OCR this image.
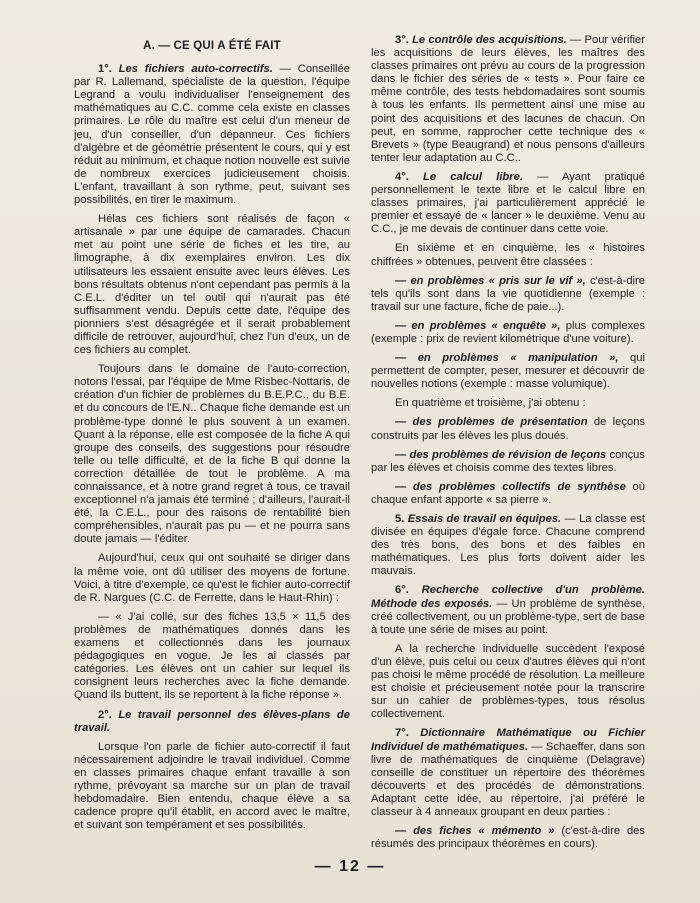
A. — CE QUI A ÉTÉ FAIT

1°. Les fichiers auto-correctifs. — Conseillée par R. Lallemand, spécialiste de la question, l'équipe Legrand a voulu individualiser l'enseignement des mathématiques au C.C. comme cela existe en classes primaires. Le rôle du maître est celui d'un meneur de jeu, d'un conseiller, d'un dépanneur. Ces fichiers d'algèbre et de géométrie présentent le cours, qui y est réduit au minimum, et chaque notion nouvelle est suivie de nombreux exercices judicieusement choisis. L'enfant, travaillant à son rythme, peut, suivant ses possibilités, en tirer le maximum.

Hélas ces fichiers sont réalisés de façon « artisanale » par une équipe de camarades. Chacun met au point une série de fiches et les tire, au limographe, à dix exemplaires environ. Les dix utilisateurs les essaient ensuite avec leurs élèves. Les bons résultats obtenus n'ont cependant pas permis à la C.E.L. d'éditer un tel outil qui n'aurait pas été suffisamment vendu. Depuis cette date, l'équipe des pionniers s'est désagrégée et il serait probablement difficile de retrouver, aujourd'hui, chez l'un d'eux, un de ces fichiers au complet.

Toujours dans le domaine de l'auto-correction, notons l'essai, par l'équipe de Mme Risbec-Nottaris, de création d'un fichier de problèmes du B.E.P.C., du B.E. et du concours de l'E.N.. Chaque fiche demande est un problème-type donné le plus souvent à un examen. Quant à la réponse, elle est composée de la fiche A qui groupe des conseils, des suggestions pour résoudre telle ou telle difficulté, et de la fiche B qui donne la correction détaillée de tout le problème. A ma connaissance, et à notre grand regret à tous, ce travail exceptionnel n'a jamais été terminé ; d'ailleurs, l'aurait-il été, la C.E.L., pour des raisons de rentabilité bien compréhensibles, n'aurait pas pu — et ne pourra sans doute jamais — l'éditer.

Aujourd'hui, ceux qui ont souhaité se diriger dans la même voie, ont dû utiliser des moyens de fortune. Voici, à titre d'exemple, ce qu'est le fichier auto-correctif de R. Nargues (C.C. de Ferrette, dans le Haut-Rhin) :

— « J'ai collé, sur des fiches 13,5 × 11,5 des problèmes de mathématiques donnés dans les examens et collectionnés dans les journaux pédagogiques en vogue. Je les ai classés par catégories. Les élèves ont un cahier sur lequel ils consignent leurs recherches avec la fiche demande. Quand ils buttent, ils se reportent à la fiche réponse ».

2°. Le travail personnel des élèves-plans de travail.

Lorsque l'on parle de fichier auto-correctif il faut nécessairement adjoindre le travail individuel. Comme en classes primaires chaque enfant travaille à son rythme, prévoyant sa marche sur un plan de travail hebdomadaire. Bien entendu, chaque élève a sa cadence propre qu'il établit, en accord avec le maître, et suivant son tempérament et ses possibilités.

3°. Le contrôle des acquisitions. — Pour vérifier les acquisitions de leurs élèves, les maîtres des classes primaires ont prévu au cours de la progression dans le fichier des séries de « tests ». Pour faire ce même contrôle, des tests hebdomadaires sont soumis à tous les enfants. Ils permettent ainsi une mise au point des acquisitions et des lacunes de chacun. On peut, en somme, rapprocher cette technique des « Brevets » (type Beaugrand) et nous pensons d'ailleurs tenter leur adaptation au C.C..

4°. Le calcul libre. — Ayant pratiqué personnellement le texte libre et le calcul libre en classes primaires, j'ai particulièrement apprécié le premier et essayé de « lancer » le deuxième. Venu au C.C., je me devais de continuer dans cette voie.

En sixième et en cinquième, les « histoires chiffrées » obtenues, peuvent être classées :

— en problèmes « pris sur le vif », c'est-à-dire tels qu'ils sont dans la vie quotidienne (exemple : travail sur une facture, fiche de paie...).

— en problèmes « enquête », plus complexes (exemple : prix de revient kilométrique d'une voiture).

— en problèmes « manipulation », qui permettent de compter, peser, mesurer et découvrir de nouvelles notions (exemple : masse volumique).

En quatrième et troisième, j'ai obtenu :

— des problèmes de présentation de leçons construits par les élèves les plus doués.

— des problèmes de révision de leçons conçus par les élèves et choisis comme des textes libres.

— des problèmes collectifs de synthèse où chaque enfant apporte « sa pierre ».

5. Essais de travail en équipes. — La classe est divisée en équipes d'égale force. Chacune comprend des très bons, des bons et des faibles en mathématiques. Les plus forts doivent aider les mauvais.

6°. Recherche collective d'un problème. Méthode des exposés. — Un problème de synthèse, créé collectivement, ou un problème-type, sert de base à toute une série de mises au point.

A la recherche individuelle succèdent l'exposé d'un élève, puis celui ou ceux d'autres élèves qui n'ont pas choisi le même procédé de résolution. La meilleure est choisie et précieusement notée pour la transcrire sur un cahier de problèmes-types, tous résolus collectivement.

7°. Dictionnaire Mathématique ou Fichier Individuel de mathématiques. — Schaeffer, dans son livre de mathématiques de cinquième (Delagrave) conseille de constituer un répertoire des théorèmes découverts et des procédés de démonstrations. Adaptant cette idée, au répertoire, j'ai préféré le classeur à 4 anneaux groupant en deux parties :

— des fiches « mémento » (c'est-à-dire des résumés des principaux théorèmes en cours).

— 12 —
